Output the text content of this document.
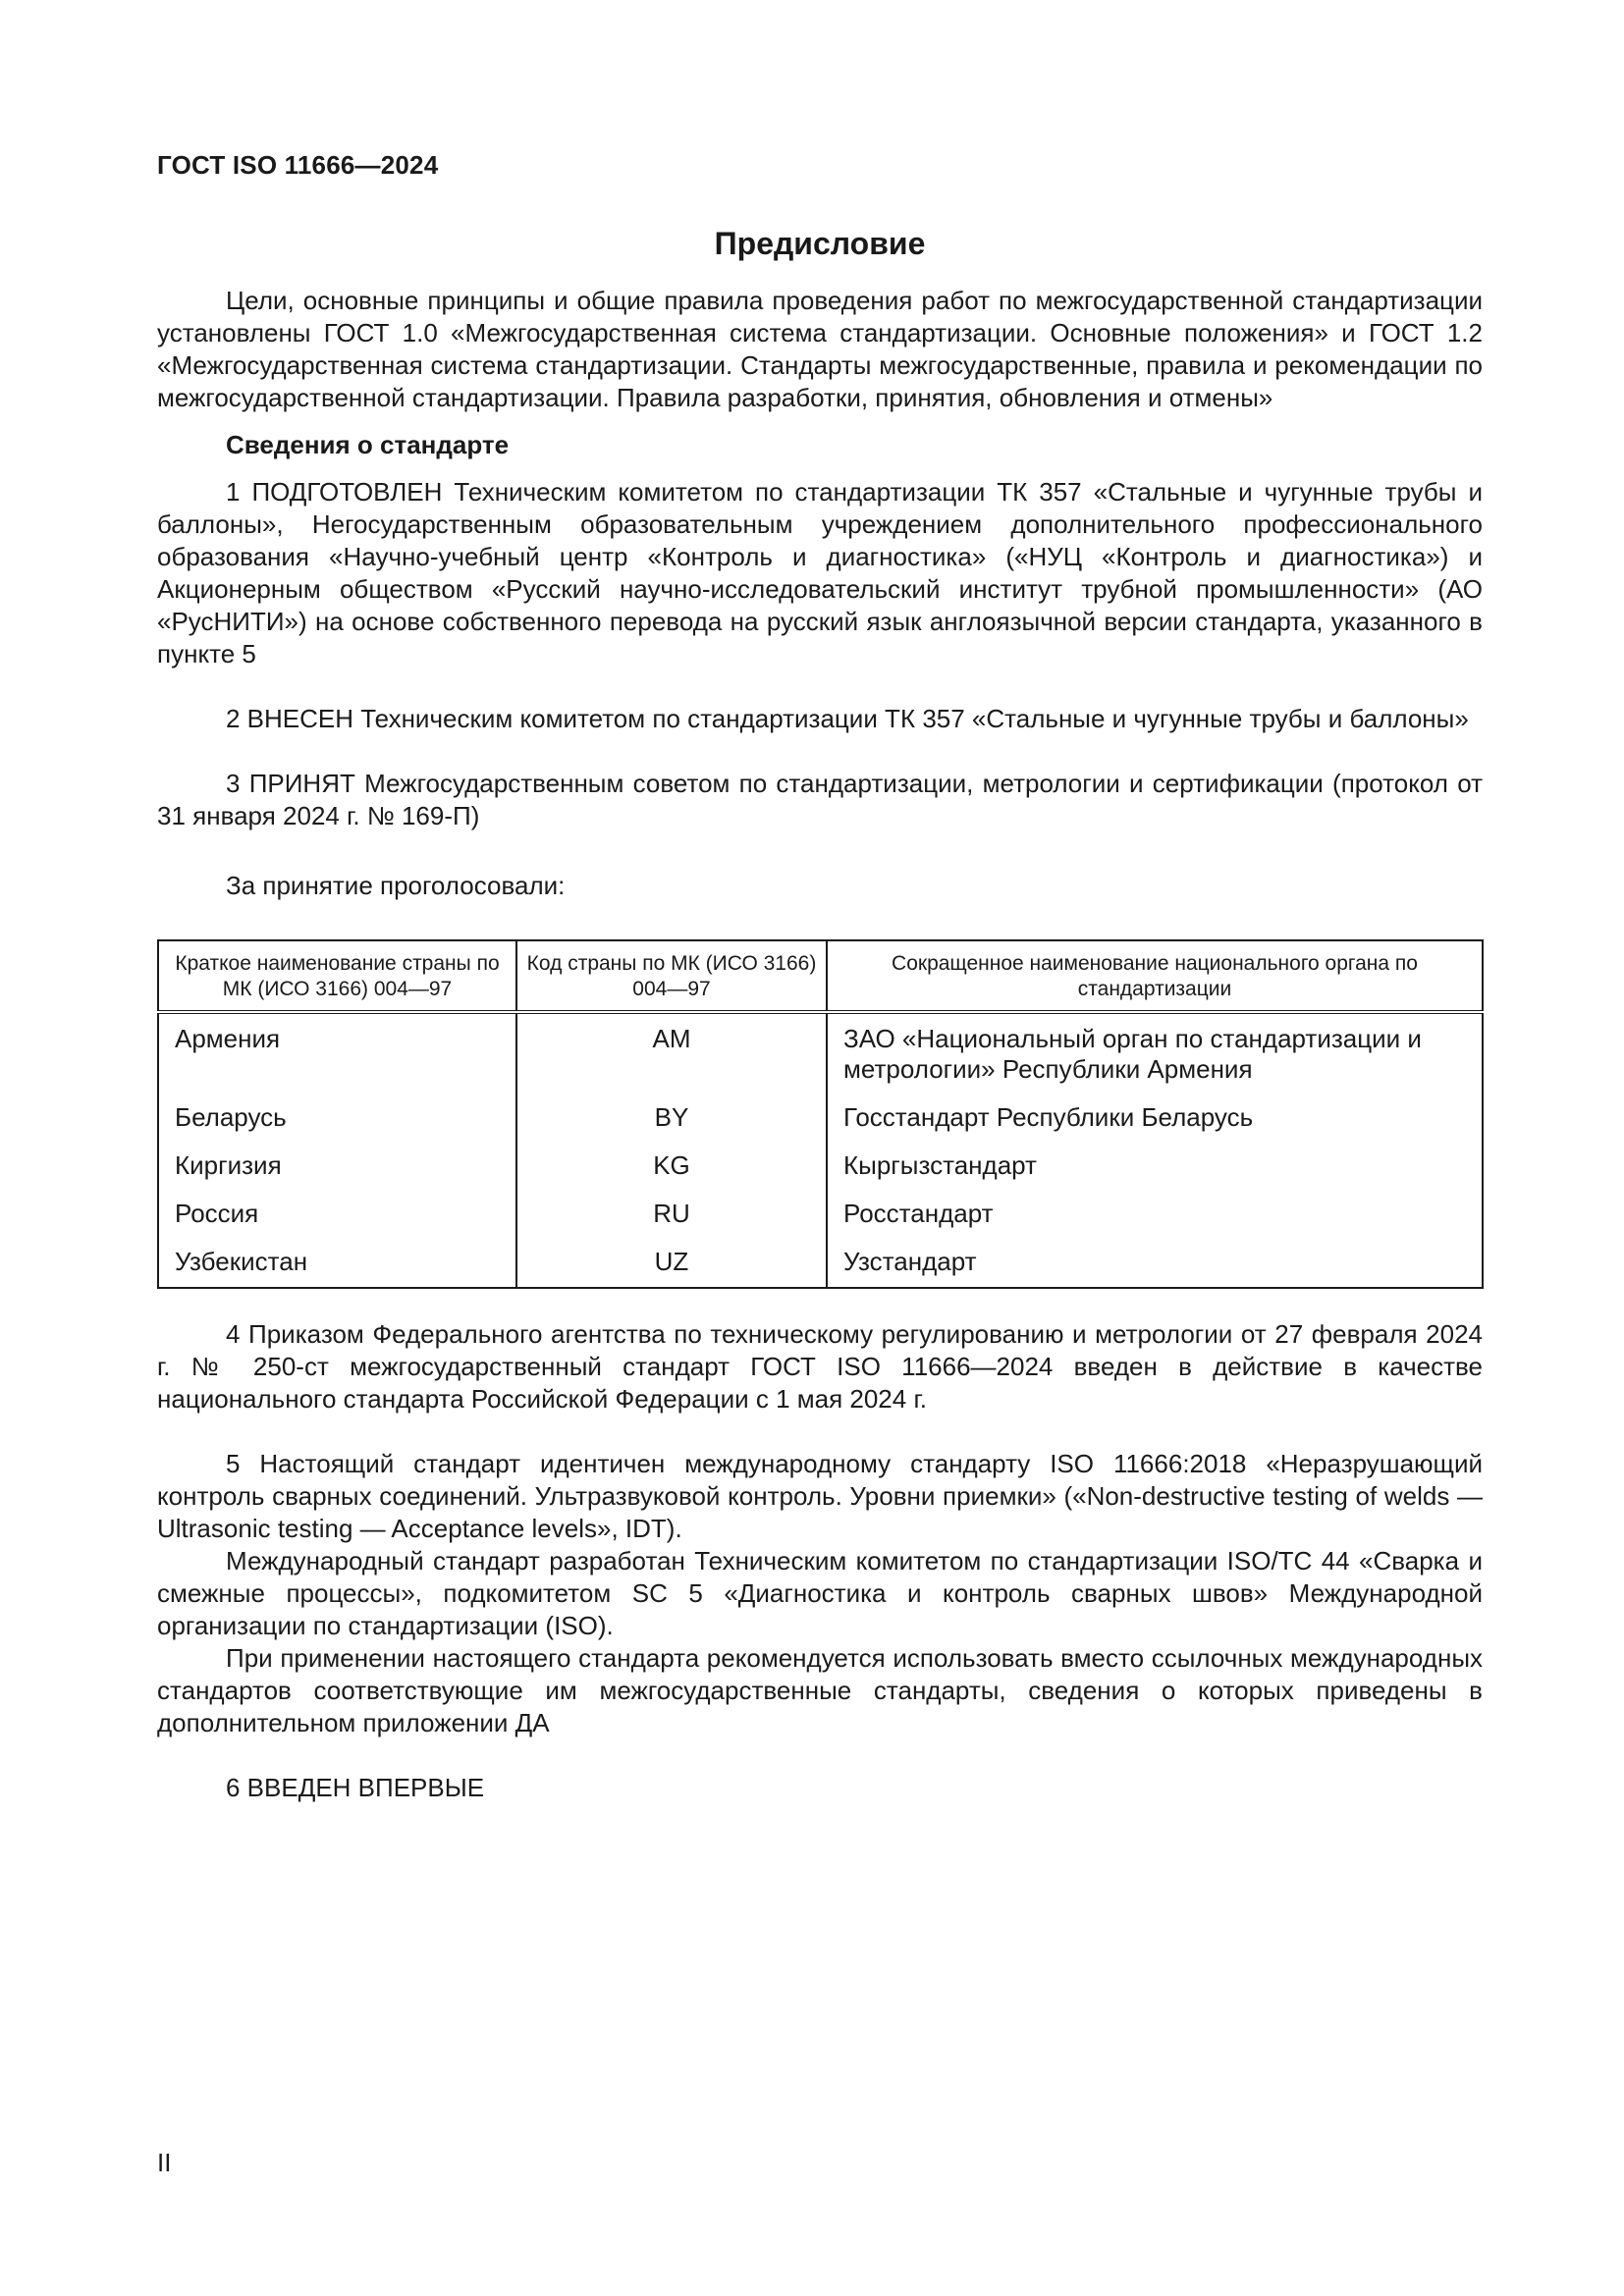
ГОСТ ISO 11666—2024
Предисловие

Цели, основные принципы и общие правила проведения работ по межгосударственной стандартизации установлены ГОСТ 1.0 «Межгосударственная система стандартизации. Основные положения» и ГОСТ 1.2 «Межгосударственная система стандартизации. Стандарты межгосударственные, правила и рекомендации по межгосударственной стандартизации. Правила разработки, принятия, обновления и отмены»

Сведения о стандарте

1 ПОДГОТОВЛЕН Техническим комитетом по стандартизации ТК 357 «Стальные и чугунные трубы и баллоны», Негосударственным образовательным учреждением дополнительного профессионального образования «Научно-учебный центр «Контроль и диагностика» («НУЦ «Контроль и диагностика») и Акционерным обществом «Русский научно-исследовательский институт трубной промышленности» (АО «РусНИТИ») на основе собственного перевода на русский язык англоязычной версии стандарта, указанного в пункте 5

2 ВНЕСЕН Техническим комитетом по стандартизации ТК 357 «Стальные и чугунные трубы и баллоны»

3 ПРИНЯТ Межгосударственным советом по стандартизации, метрологии и сертификации (протокол от 31 января 2024 г. № 169-П)

За принятие проголосовали:
Краткое наименование страны по МК (ИСО 3166) 004—97	Код страны по МК (ИСО 3166) 004—97	Сокращенное наименование национального органа по стандартизации
Армения	AM	ЗАО «Национальный орган по стандартизации и метрологии» Республики Армения
Беларусь	BY	Госстандарт Республики Беларусь
Киргизия	KG	Кыргызстандарт
Россия	RU	Росстандарт
Узбекистан	UZ	Узстандарт

4 Приказом Федерального агентства по техническому регулированию и метрологии от 27 февраля 2024 г. № 250-ст межгосударственный стандарт ГОСТ ISO 11666—2024 введен в действие в качестве национального стандарта Российской Федерации с 1 мая 2024 г.

5 Настоящий стандарт идентичен международному стандарту ISO 11666:2018 «Неразрушающий контроль сварных соединений. Ультразвуковой контроль. Уровни приемки» («Non-destructive testing of welds — Ultrasonic testing — Acceptance levels», IDT).

Международный стандарт разработан Техническим комитетом по стандартизации ISO/TC 44 «Сварка и смежные процессы», подкомитетом SC 5 «Диагностика и контроль сварных швов» Международной организации по стандартизации (ISO).

При применении настоящего стандарта рекомендуется использовать вместо ссылочных международных стандартов соответствующие им межгосударственные стандарты, сведения о которых приведены в дополнительном приложении ДА

6 ВВЕДЕН ВПЕРВЫЕ

II
